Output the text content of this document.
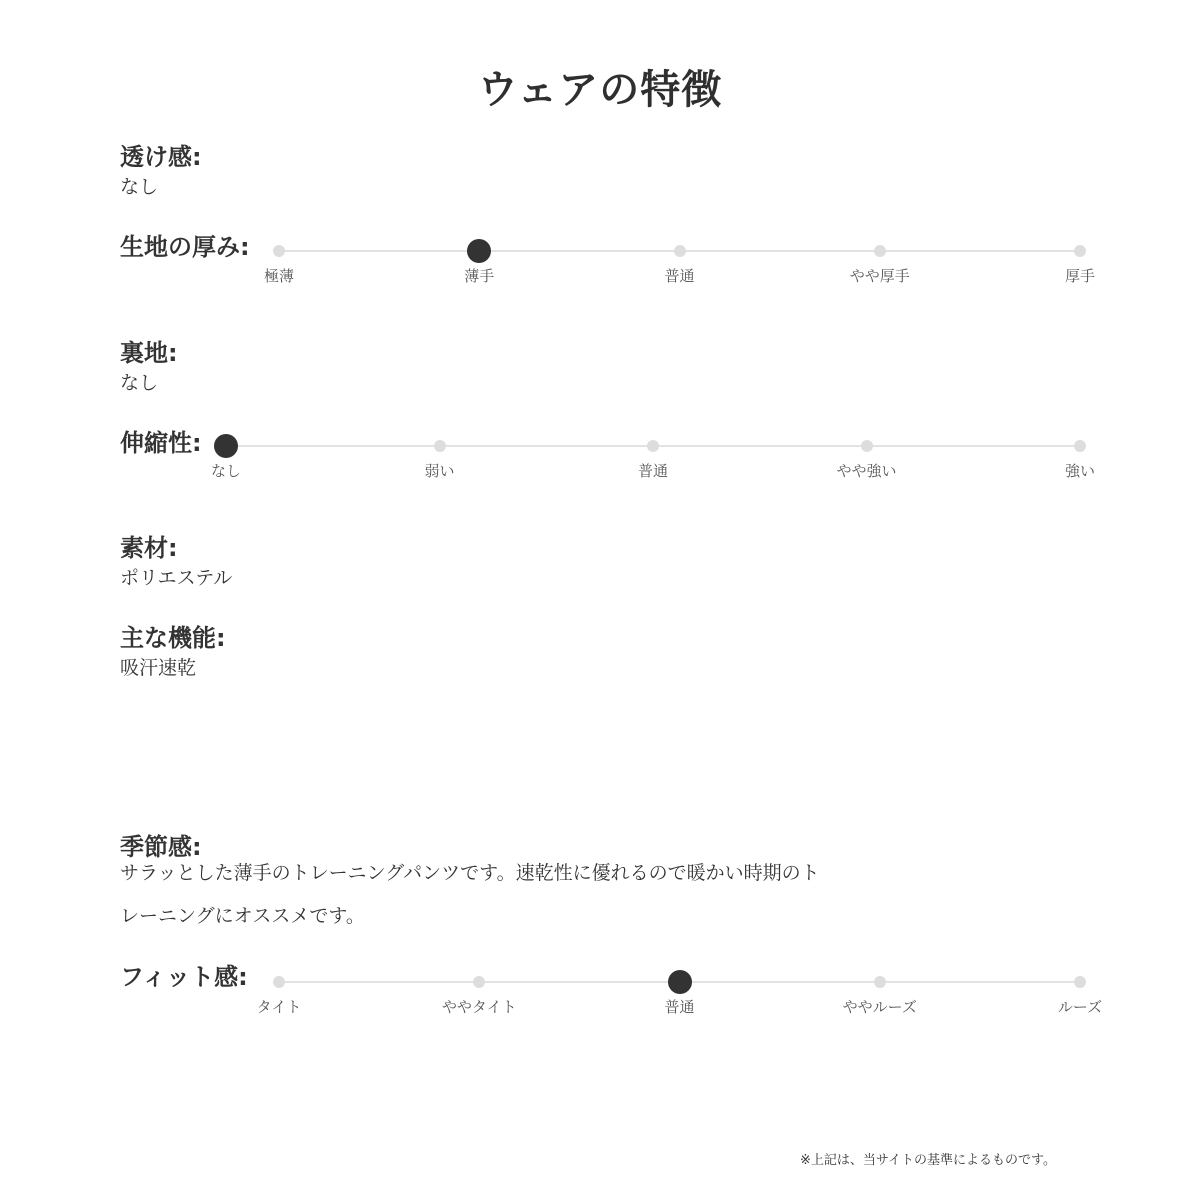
ウェアの特徴
透け感:
なし
生地の厚み:
極薄	薄手	普通	やや厚手	厚手
裏地:
なし
伸縮性:
なし	弱い	普通	やや強い	強い
素材:
ポリエステル
主な機能:
吸汗速乾
季節感:
サラッとした薄手のトレーニングパンツです。速乾性に優れるので暖かい時期のト
レーニングにオススメです。
フィット感:
タイト	ややタイト	普通	ややルーズ	ルーズ
※上記は、当サイトの基準によるものです。
